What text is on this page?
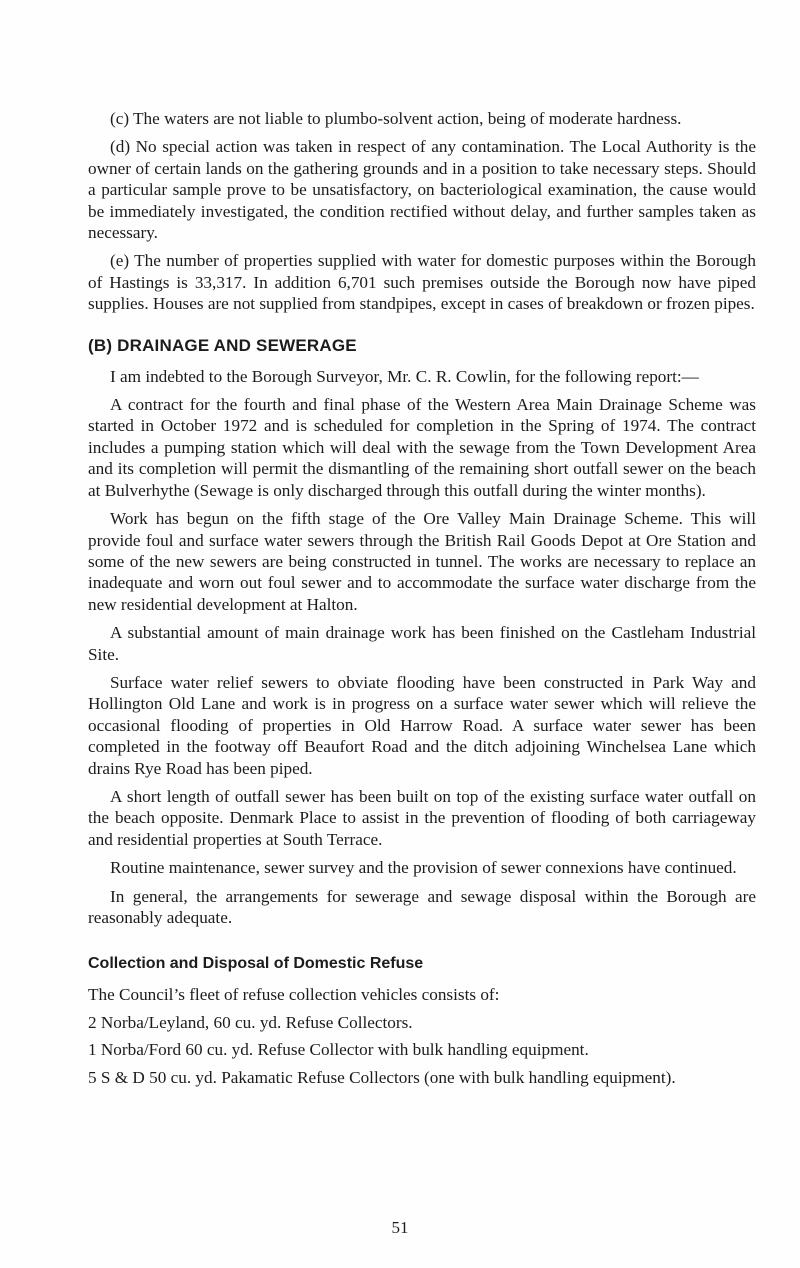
(c) The waters are not liable to plumbo-solvent action, being of moderate hardness.

(d) No special action was taken in respect of any contamination. The Local Authority is the owner of certain lands on the gathering grounds and in a position to take necessary steps. Should a particular sample prove to be unsatisfactory, on bacteriological examination, the cause would be immediately investigated, the condition rectified without delay, and further samples taken as necessary.

(e) The number of properties supplied with water for domestic purposes within the Borough of Hastings is 33,317. In addition 6,701 such premises outside the Borough now have piped supplies. Houses are not supplied from standpipes, except in cases of breakdown or frozen pipes.

(B) DRAINAGE AND SEWERAGE

I am indebted to the Borough Surveyor, Mr. C. R. Cowlin, for the following report:—

A contract for the fourth and final phase of the Western Area Main Drainage Scheme was started in October 1972 and is scheduled for completion in the Spring of 1974. The contract includes a pumping station which will deal with the sewage from the Town Development Area and its completion will permit the dismantling of the remaining short outfall sewer on the beach at Bulverhythe (Sewage is only discharged through this outfall during the winter months).

Work has begun on the fifth stage of the Ore Valley Main Drainage Scheme. This will provide foul and surface water sewers through the British Rail Goods Depot at Ore Station and some of the new sewers are being constructed in tunnel. The works are necessary to replace an inadequate and worn out foul sewer and to accommodate the surface water discharge from the new residential development at Halton.

A substantial amount of main drainage work has been finished on the Castleham Industrial Site.

Surface water relief sewers to obviate flooding have been constructed in Park Way and Hollington Old Lane and work is in progress on a surface water sewer which will relieve the occasional flooding of properties in Old Harrow Road. A surface water sewer has been completed in the footway off Beaufort Road and the ditch adjoining Winchelsea Lane which drains Rye Road has been piped.

A short length of outfall sewer has been built on top of the existing surface water outfall on the beach opposite. Denmark Place to assist in the prevention of flooding of both carriageway and residential properties at South Terrace.

Routine maintenance, sewer survey and the provision of sewer connexions have continued.

In general, the arrangements for sewerage and sewage disposal within the Borough are reasonably adequate.

Collection and Disposal of Domestic Refuse

The Council’s fleet of refuse collection vehicles consists of:

2 Norba/Leyland, 60 cu. yd. Refuse Collectors.

1 Norba/Ford 60 cu. yd. Refuse Collector with bulk handling equipment.

5 S & D 50 cu. yd. Pakamatic Refuse Collectors (one with bulk handling equipment).

51
